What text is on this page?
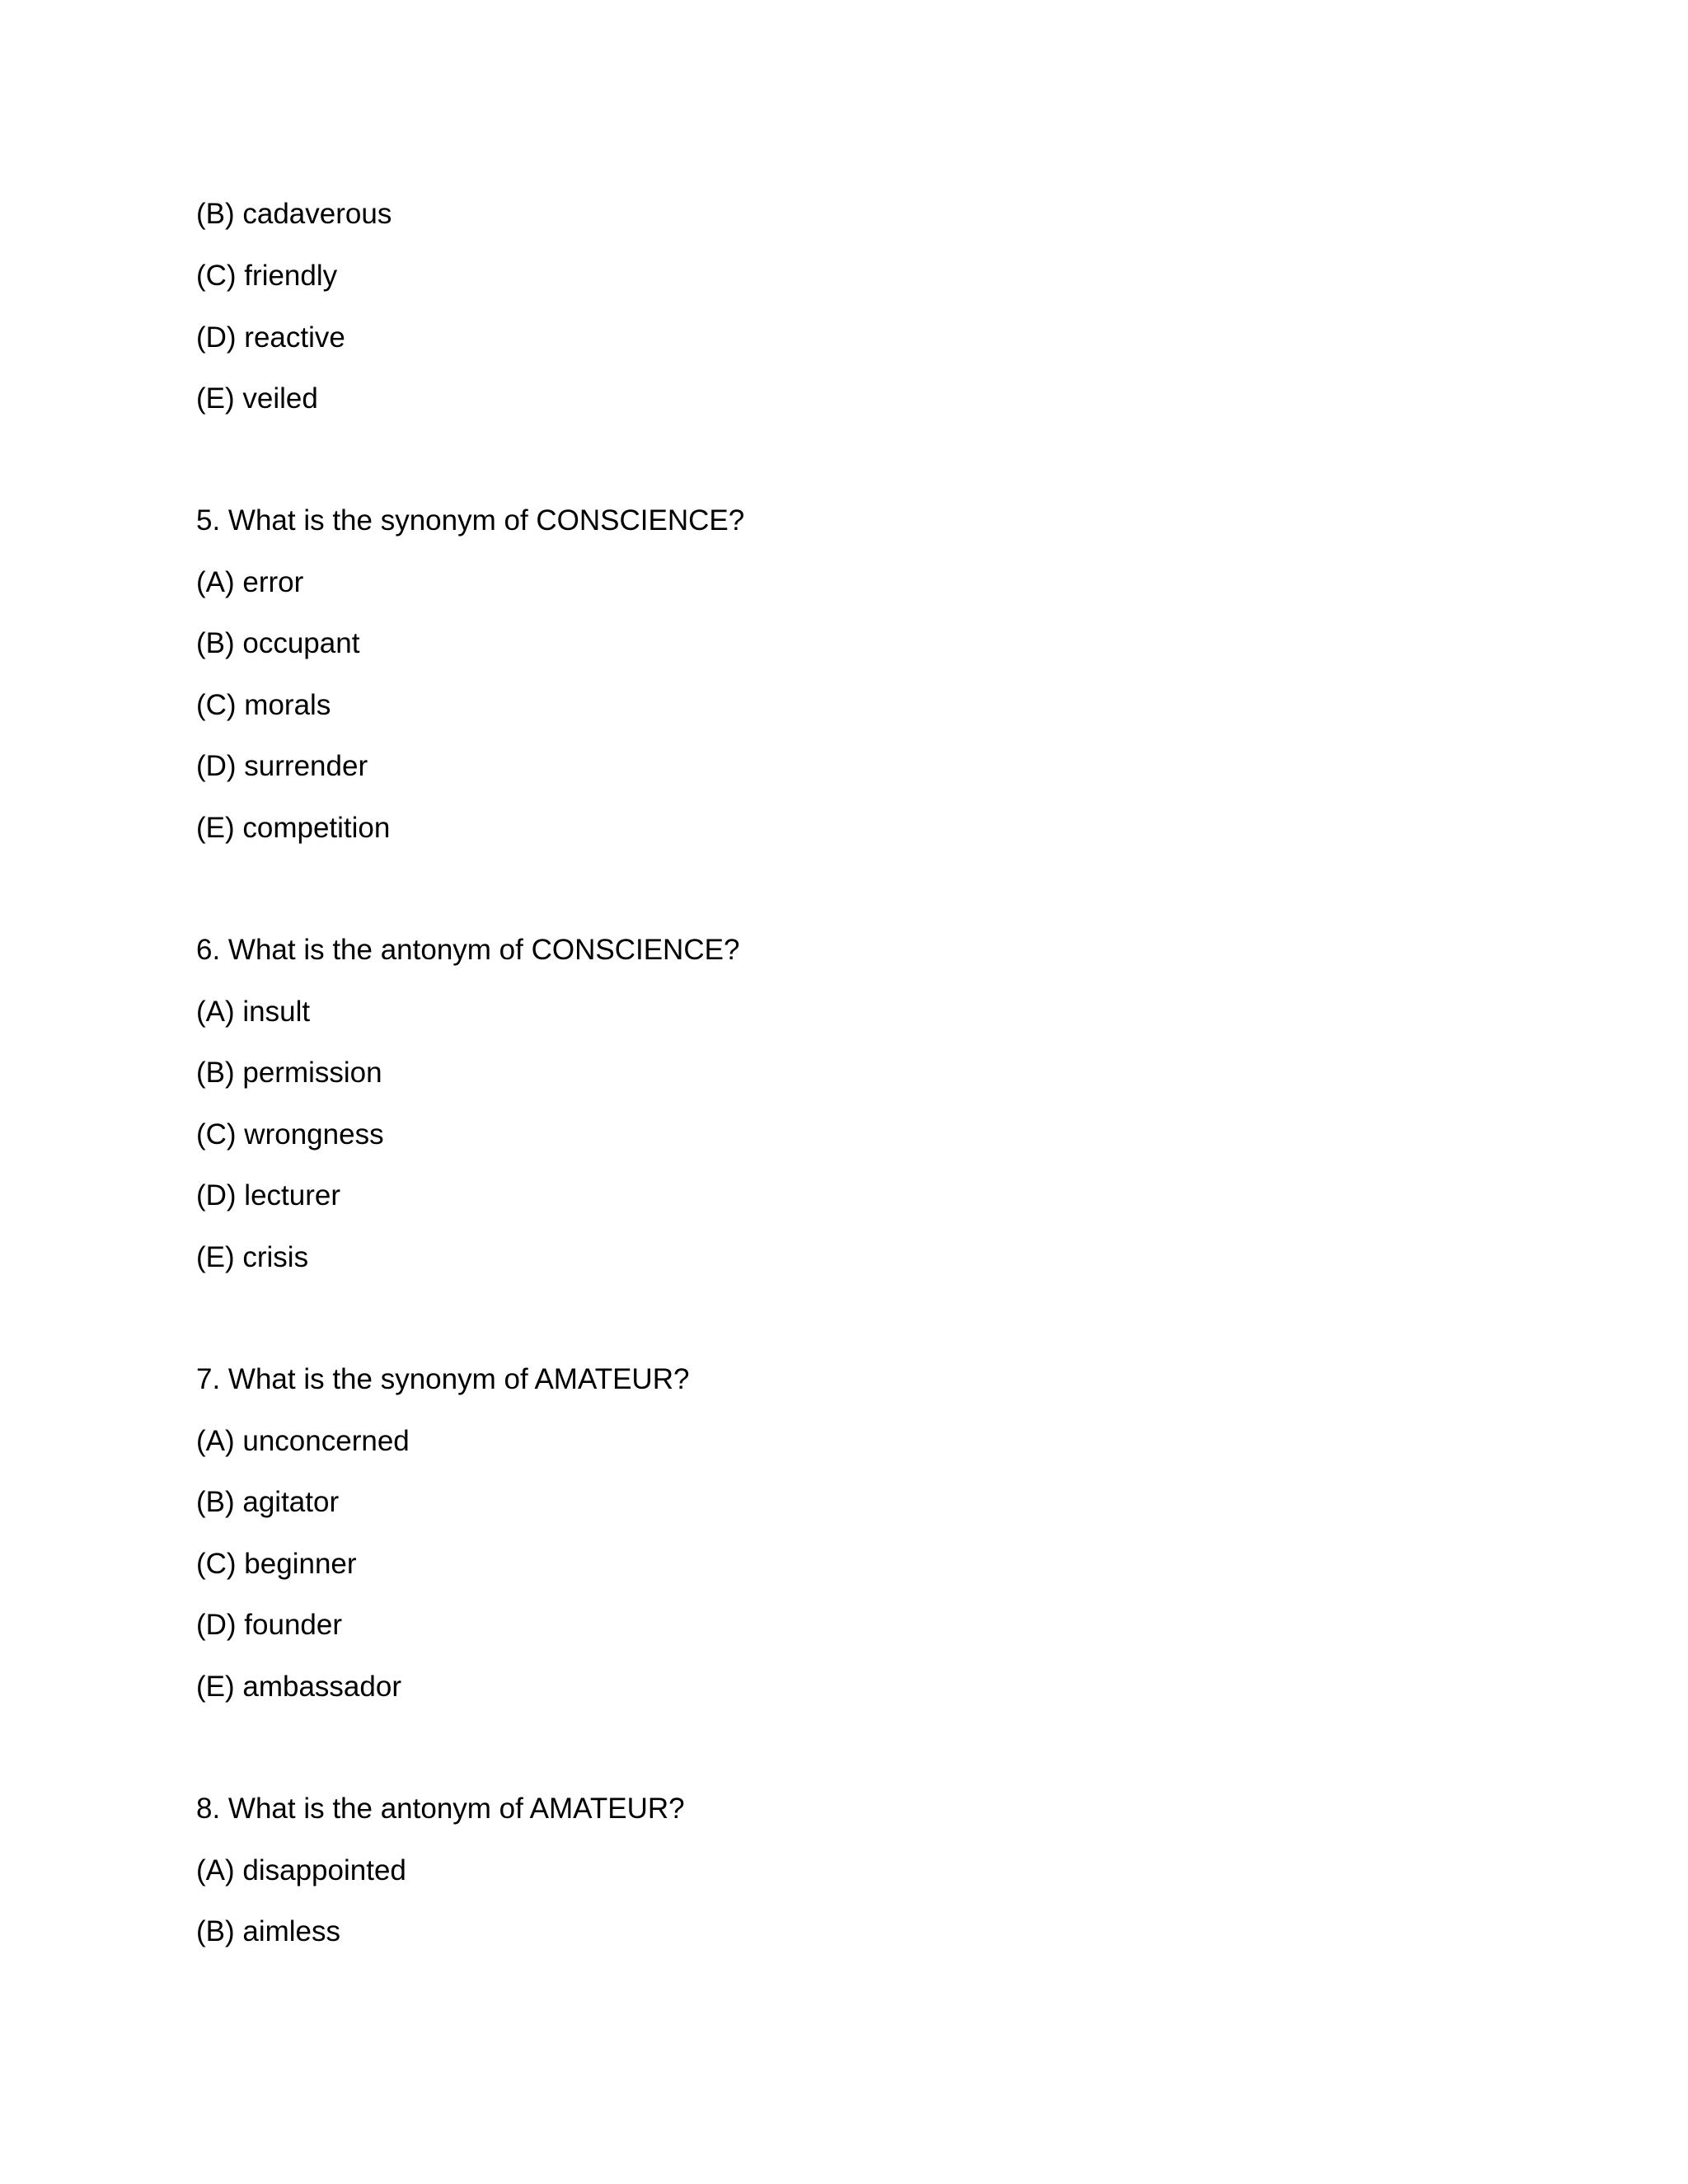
(B) cadaverous
(C) friendly
(D) reactive
(E) veiled
5. What is the synonym of CONSCIENCE?
(A) error
(B) occupant
(C) morals
(D) surrender
(E) competition
6. What is the antonym of CONSCIENCE?
(A) insult
(B) permission
(C) wrongness
(D) lecturer
(E) crisis
7. What is the synonym of AMATEUR?
(A) unconcerned
(B) agitator
(C) beginner
(D) founder
(E) ambassador
8. What is the antonym of AMATEUR?
(A) disappointed
(B) aimless
